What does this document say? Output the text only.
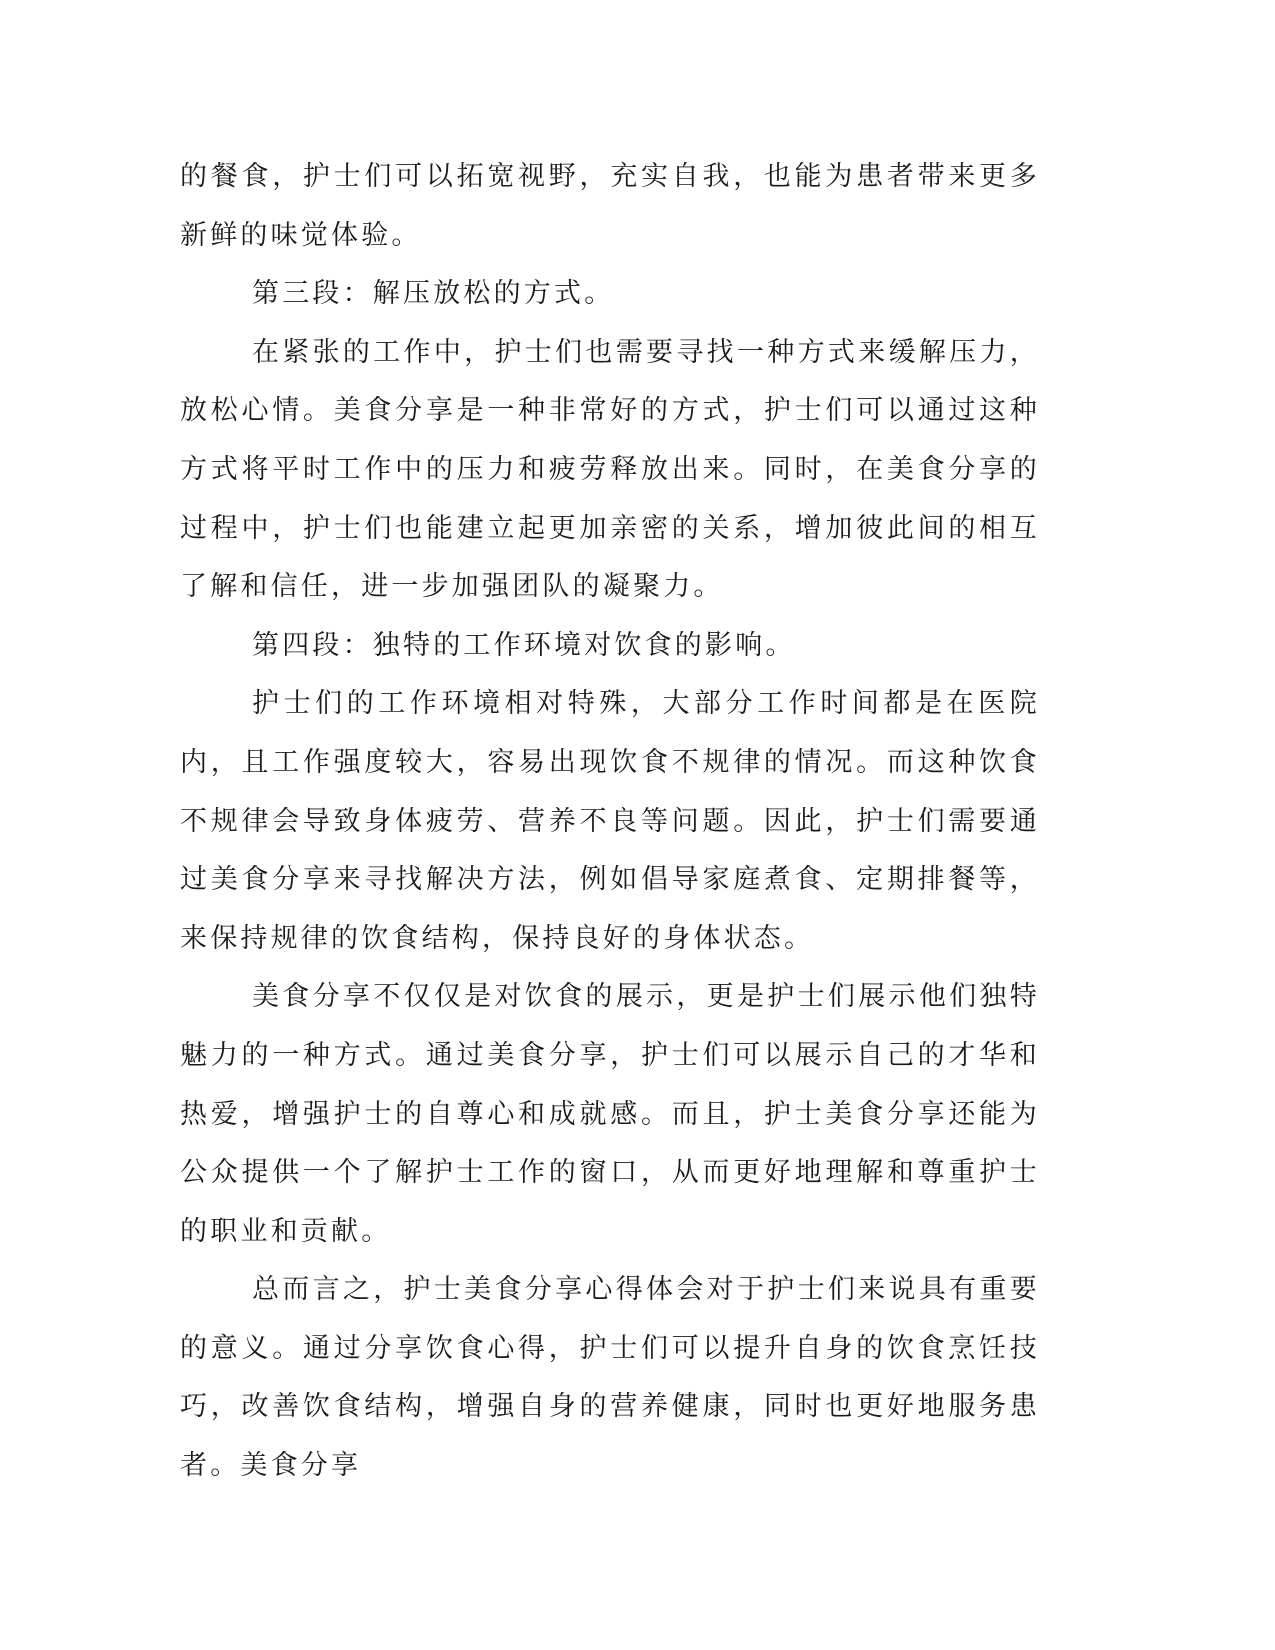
的餐食，护士们可以拓宽视野，充实自我，也能为患者带来更多新鲜的味觉体验。

第三段：解压放松的方式。

在紧张的工作中，护士们也需要寻找一种方式来缓解压力，放松心情。美食分享是一种非常好的方式，护士们可以通过这种方式将平时工作中的压力和疲劳释放出来。同时，在美食分享的过程中，护士们也能建立起更加亲密的关系，增加彼此间的相互了解和信任，进一步加强团队的凝聚力。

第四段：独特的工作环境对饮食的影响。

护士们的工作环境相对特殊，大部分工作时间都是在医院内，且工作强度较大，容易出现饮食不规律的情况。而这种饮食不规律会导致身体疲劳、营养不良等问题。因此，护士们需要通过美食分享来寻找解决方法，例如倡导家庭煮食、定期排餐等，来保持规律的饮食结构，保持良好的身体状态。

美食分享不仅仅是对饮食的展示，更是护士们展示他们独特魅力的一种方式。通过美食分享，护士们可以展示自己的才华和热爱，增强护士的自尊心和成就感。而且，护士美食分享还能为公众提供一个了解护士工作的窗口，从而更好地理解和尊重护士的职业和贡献。

总而言之，护士美食分享心得体会对于护士们来说具有重要的意义。通过分享饮食心得，护士们可以提升自身的饮食烹饪技巧，改善饮食结构，增强自身的营养健康，同时也更好地服务患者。美食分享
